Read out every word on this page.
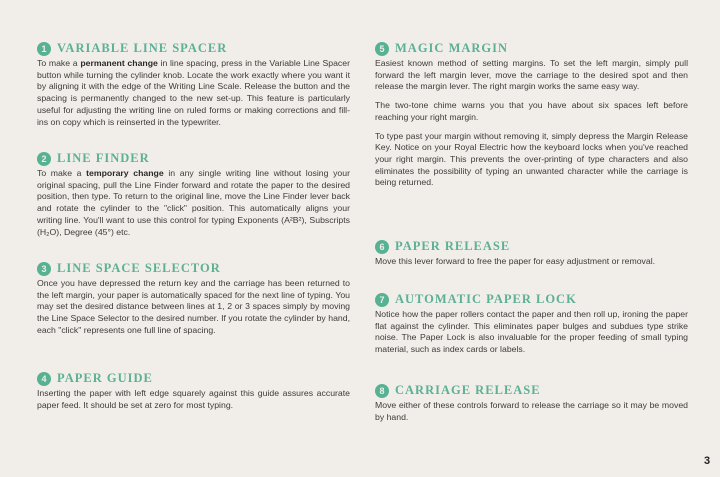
1 VARIABLE LINE SPACER

To make a permanent change in line spacing, press in the Variable Line Spacer button while turning the cylinder knob. Locate the work exactly where you want it by aligning it with the edge of the Writing Line Scale. Release the button and the spacing is permanently changed to the new set-up. This feature is particularly useful for adjusting the writing line on ruled forms or making corrections and fill-ins on copy which is reinserted in the typewriter.

2 LINE FINDER

To make a temporary change in any single writing line without losing your original spacing, pull the Line Finder forward and rotate the paper to the desired position, then type. To return to the original line, move the Line Finder lever back and rotate the cylinder to the "click" position. This automatically aligns your writing line. You'll want to use this control for typing Exponents (A²B²), Subscripts (H₂O), Degree (45°) etc.

3 LINE SPACE SELECTOR

Once you have depressed the return key and the carriage has been returned to the left margin, your paper is automatically spaced for the next line of typing. You may set the desired distance between lines at 1, 2 or 3 spaces simply by moving the Line Space Selector to the desired number. If you rotate the cylinder by hand, each "click" represents one full line of spacing.

4 PAPER GUIDE

Inserting the paper with left edge squarely against this guide assures accurate paper feed. It should be set at zero for most typing.

5 MAGIC MARGIN

Easiest known method of setting margins. To set the left margin, simply pull forward the left margin lever, move the carriage to the desired spot and then release the margin lever. The right margin works the same easy way.

The two-tone chime warns you that you have about six spaces left before reaching your right margin.

To type past your margin without removing it, simply depress the Margin Release Key. Notice on your Royal Electric how the keyboard locks when you've reached your right margin. This prevents the over-printing of type characters and also eliminates the possibility of typing an unwanted character while the carriage is being returned.

6 PAPER RELEASE

Move this lever forward to free the paper for easy adjustment or removal.

7 AUTOMATIC PAPER LOCK

Notice how the paper rollers contact the paper and then roll up, ironing the paper flat against the cylinder. This eliminates paper bulges and subdues type strike noise. The Paper Lock is also invaluable for the proper feeding of small typing material, such as index cards or labels.

8 CARRIAGE RELEASE

Move either of these controls forward to release the carriage so it may be moved by hand.

3
